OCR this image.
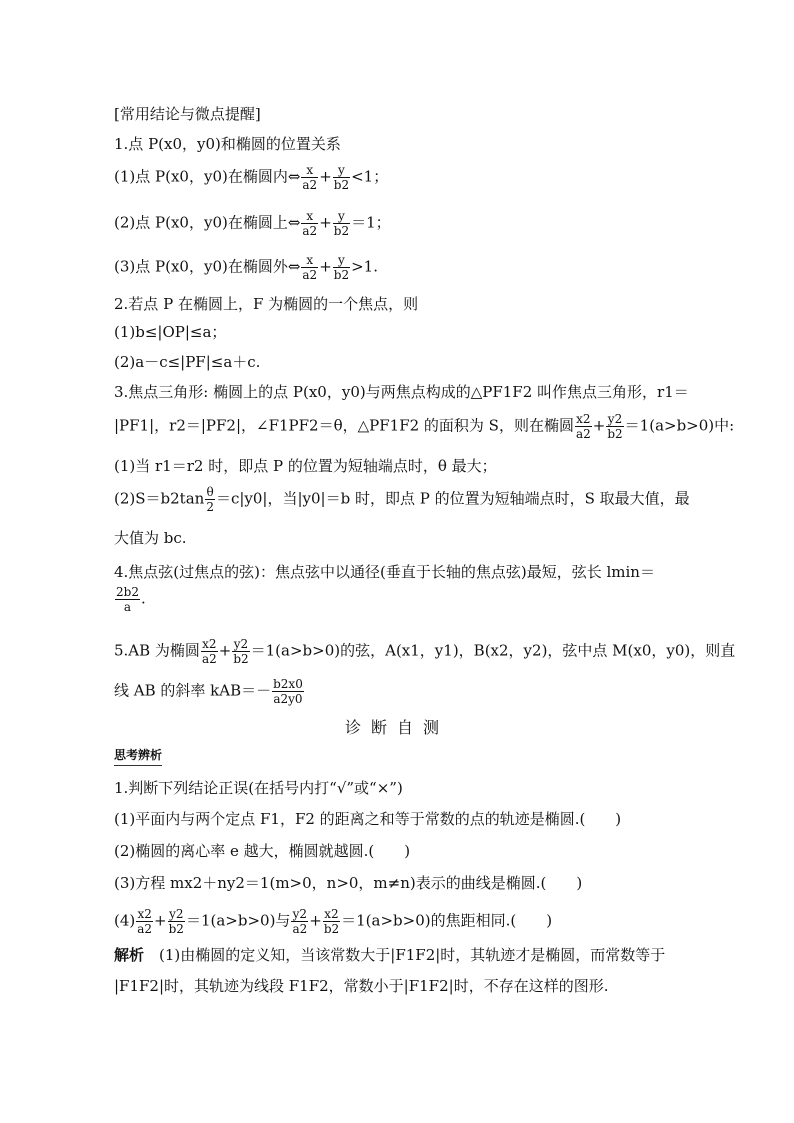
[常用结论与微点提醒]
1.点 P(x0，y0)和椭圆的位置关系
(1)点 P(x0，y0)在椭圆内⇔ $\frac{x}{a2} + \frac{y}{b2} <1$；
(2)点 P(x0，y0)在椭圆上⇔ $\frac{x}{a2} + \frac{y}{b2} =1$；
(3)点 P(x0，y0)在椭圆外⇔ $\frac{x}{a2} + \frac{y}{b2} >1$.
2.若点 P 在椭圆上，F 为椭圆的一个焦点，则
(1)b≤|OP|≤a；
(2)a－c≤|PF|≤a＋c.
3.焦点三角形: 椭圆上的点 P(x0，y0)与两焦点构成的△PF1F2 叫作焦点三角形，r1＝
|PF1|，r2＝|PF2|，∠F1PF2＝θ，△PF1F2 的面积为 S，则在椭圆 $\frac{x2}{a2} + \frac{y2}{b2} =1(a>b>0)$中:
(1)当 r1＝r2 时，即点 P 的位置为短轴端点时，θ 最大；
$(2)S=b2\tan \frac{\theta}{2} =c|y0|$，当|y0|＝b 时，即点 P 的位置为短轴端点时，S 取最大值，最
大值为 bc.
4.焦点弦(过焦点的弦)：焦点弦中以通径(垂直于长轴的焦点弦)最短，弦长 lmin＝
$\frac{2b2}{a}$ .
5.AB 为椭圆 $\frac{x2}{a2} + \frac{y2}{b2} =1(a>b>0)$的弦，A(x1，y1)，B(x2，y2)，弦中点 M(x0，y0)，则直
线 AB 的斜率 $kAB=- \frac{b2x0}{a2y0}$
诊断自测
思考辨析
1.判断下列结论正误(在括号内打“√”或“×”)
(1)平面内与两个定点 F1，F2 的距离之和等于常数的点的轨迹是椭圆.(　　)
(2)椭圆的离心率 e 越大，椭圆就越圆.(　　)
(3)方程 mx2＋ny2＝1(m>0，n>0，m≠n)表示的曲线是椭圆.(　　)
$(4) \frac{x2}{a2} + \frac{y2}{b2} =1(a>b>0)$与 $\frac{y2}{a2} + \frac{x2}{b2} =1(a>b>0)$的焦距相同.(　　)
解析　 (1)由椭圆的定义知，当该常数大于|F1F2|时，其轨迹才是椭圆，而常数等于
|F1F2|时，其轨迹为线段 F1F2，常数小于|F1F2|时，不存在这样的图形.
